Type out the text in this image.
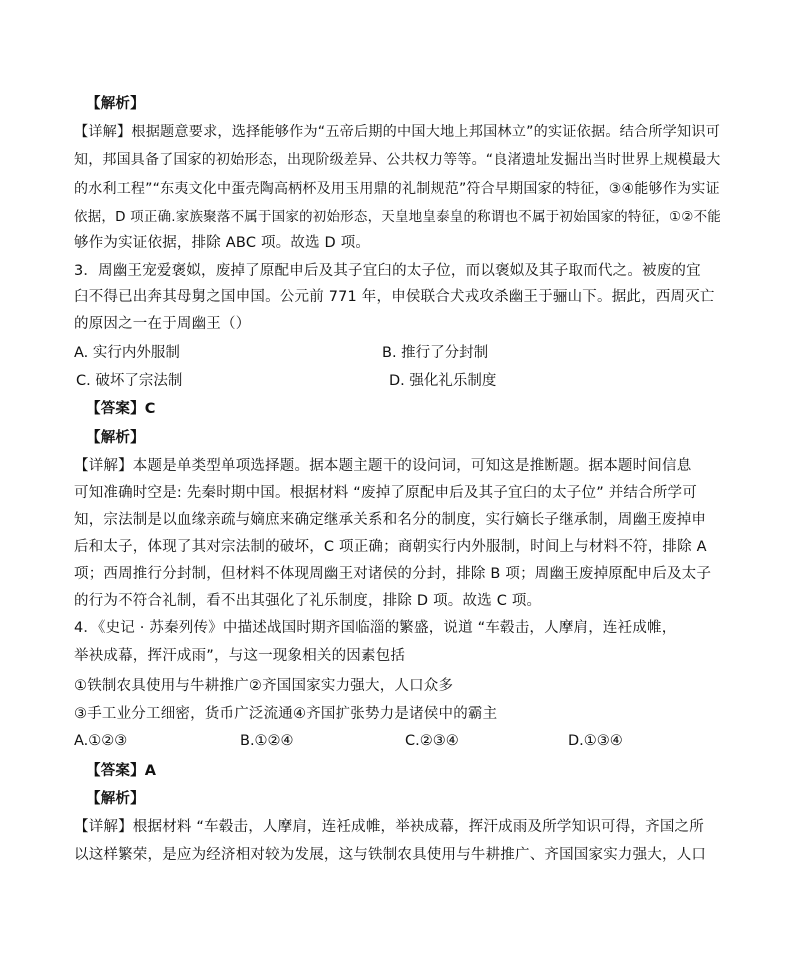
【解析】
【详解】根据题意要求，选择能够作为“五帝后期的中国大地上邦国林立”的实证依据。结合所学知识可
知，邦国具备了国家的初始形态，出现阶级差异、公共权力等等。“良渚遗址发掘出当时世界上规模最大
的水利工程”“东夷文化中蛋壳陶高柄杯及用玉用鼎的礼制规范”符合早期国家的特征，③④能够作为实证
依据，D 项正确.家族聚落不属于国家的初始形态，天皇地皇泰皇的称谓也不属于初始国家的特征，①②不能
够作为实证依据，排除 ABC 项。故选 D 项。
3．周幽王宠爱褒姒，废掉了原配申后及其子宜臼的太子位，而以褒姒及其子取而代之。被废的宜
臼不得已出奔其母舅之国申国。公元前 771 年，申侯联合犬戎攻杀幽王于骊山下。据此，西周灭亡
的原因之一在于周幽王（）
A. 实行内外服制	B. 推行了分封制
C. 破坏了宗法制	D. 强化礼乐制度
【答案】C
【解析】
【详解】本题是单类型单项选择题。据本题主题干的设问词，可知这是推断题。据本题时间信息
可知准确时空是: 先秦时期中国。根据材料 “废掉了原配申后及其子宜臼的太子位” 并结合所学可
知，宗法制是以血缘亲疏与嫡庶来确定继承关系和名分的制度，实行嫡长子继承制，周幽王废掉申
后和太子，体现了其对宗法制的破坏，C 项正确；商朝实行内外服制，时间上与材料不符，排除 A
项；西周推行分封制，但材料不体现周幽王对诸侯的分封，排除 B 项；周幽王废掉原配申后及太子
的行为不符合礼制，看不出其强化了礼乐制度，排除 D 项。故选 C 项。
4．《史记 · 苏秦列传》中描述战国时期齐国临淄的繁盛，说道 “车毂击，人摩肩，连衽成帷，
举袂成幕，挥汗成雨”，与这一现象相关的因素包括
①铁制农具使用与牛耕推广②齐国国家实力强大，人口众多
③手工业分工细密，货币广泛流通④齐国扩张势力是诸侯中的霸主
A.①②③	B.①②④	C.②③④	D.①③④
【答案】A
【解析】
【详解】根据材料 “车毂击，人摩肩，连衽成帷，举袂成幕，挥汗成雨及所学知识可得，齐国之所
以这样繁荣，是应为经济相对较为发展，这与铁制农具使用与牛耕推广、齐国国家实力强大，人口
